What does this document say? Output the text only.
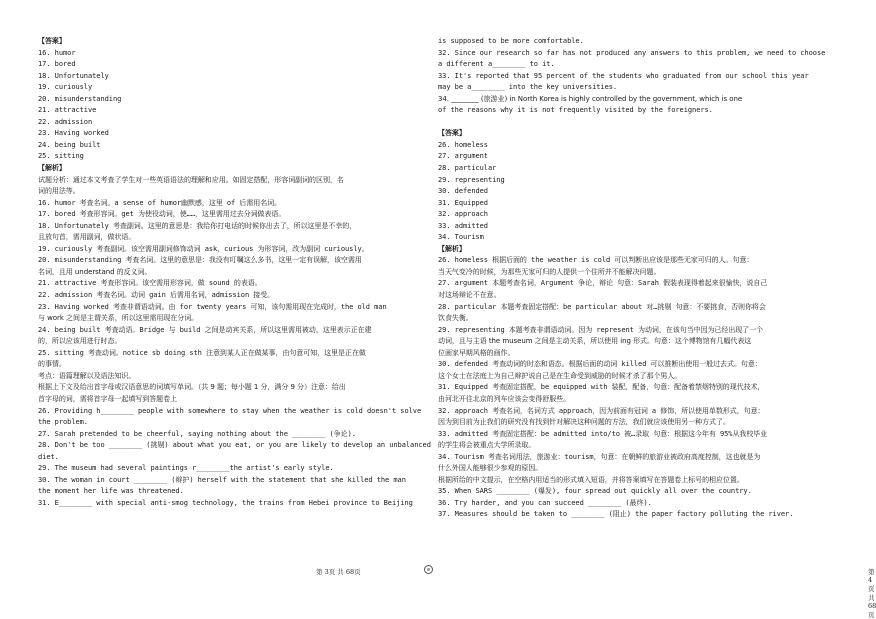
【答案】
16. humor
17. bored
18. Unfortunately
19. curiously
20. misunderstanding
21. attractive
22. admission
23. Having worked
24. being built
25. sitting
【解析】
试题分析：通过本文考查了学生对一些英语语法的理解和应用。如固定搭配，形容词副词的区别，名
词的用法等。
16. humor 考查名词。a sense of humor幽默感，这里 of 后需用名词。
17. bored 考查形容词。get 为使役动词，使……，这里需用过去分词做表语。
18. Unfortunately 考查副词。这里的意思是：我给你打电话的时候你出去了，所以这里是不幸的，
且放句首，需用副词，做状语。
19. curiously 考查副词。该空需用副词修饰动词 ask，curious 为形容词，改为副词 curiously。
20. misunderstanding 考查名词。这里的意思是：我没有叮嘱这么多书，这里一定有误解，该空需用
名词，且用 understand 的反义词。
21. attractive 考查形容词。该空需用形容词，做 sound 的表语。
22. admission 考查名词。动词 gain 后需用名词，admission 接受。
23. Having worked 考查非谓语动词。由 for twenty years 可知，该句需用现在完成时，the old man
与 work 之间是主谓关系，所以这里需用现在分词。
24. being built 考查动语。Bridge 与 build 之间是动宾关系，所以这里需用被动，这里表示正在建
的，所以应该用进行时态。
25. sitting 考查动词。notice sb doing sth 注意到某人正在做某事，由句意可知，这里是正在做
的事情。
考点：语篇理解以及语法知识。
根据上下文及给出首字母或汉语意思的词填写单词。（共 9 题；每小题 1 分，满分 9 分）注意：给出
首字母的词，需将首字母一起填写到答题卷上
26. Providing h________ people with somewhere to stay when the weather is cold doesn't solve
the problem.
27. Sarah pretended to be cheerful, saying nothing about the ________ (争论).
28. Don't be too ________ (挑剔) about what you eat, or you are likely to develop an unbalanced
diet.
29. The museum had several paintings r________the artist's early style.
30. The woman in court ________ (辩护) herself with the statement that she killed the man
the moment her life was threatened.
31. E________ with special anti-smog technology, the trains from Hebei province to Beijing
第 3页 共 68页
is supposed to be more comfortable.
32. Since our research so far has not produced any answers to this problem, we need to choose
a different a________ to it.
33. It's reported that 95 percent of the students who graduated from our school this year
may be a________ into the key universities.
34. ________ (旅游业) in North Korea is highly controlled by the government, which is one
of the reasons why it is not frequently visited by the foreigners.
【答案】
26. homeless
27. argument
28. particular
29. representing
30. defended
31. Equipped
32. approach
33. admitted
34. Tourism
【解析】
26. homeless 根据后面的 the weather is cold 可以判断出应该是那些无家可归的人。句意：
当天气变冷的时候，为那些无家可归的人提供一个住所并不能解决问题。
27. argument 本题考查名词，Argument 争论，辩论 句意：Sarah 假装表现得着起来很愉快，说自己
对这场辩论不在意。
28. particular 本题考查固定搭配：be particular about 对…挑剔 句意：不要挑食，否则你将会
饮食失衡。
29. representing 本题考查非谓语动词。因为 represent 为动词，在该句当中因为已经出现了一个
动词，且与主语 the museum 之间是主动关系，所以使用 ing 形式。句意：这个博物馆有几幅代表这
位画家早期风格的画作。
30. defended 考查动词的时态和语态。根据后面的动词 killed 可以推断出使用一般过去式。句意：
这个女士在法庭上为自己辩护说自己是在生命受到威胁的时候才杀了那个男人。
31. Equipped 考查固定搭配，be equipped with 装配，配备，句意：配备着禁烟特别的现代技术，
由河北开往北京的列车应该会变得舒服些。
32. approach 考查名词，名词方式 approach，因为前面有冠词 a 修饰，所以使用单数形式，句意：
因为到目前为止我们的研究没有找到针对解决这种问题的方法，我们就应该使用另一种方式了。
33. admitted 考查固定搭配：be admitted into/to 被…录取 句意：根据这今年有 95%从我校毕业
的学生将会被重点大学所录取。
34. Tourism 考查名词用法，旅游业：tourism，句意：在朝鲜的旅游业被政府高度控制，这也就是为
什么外国人能够很少参观的原因。
根据所给的中文提示，在空格内用适当的形式填入短语，并将答案填写在答题卷上标号的相应位置。
35. When SARS ________ (爆发), four spread out quickly all over the country.
36. Try harder, and you can succeed ________ (最终).
37. Measures should be taken to ________ (阻止) the paper factory polluting the river.
第 4页 共 68页
